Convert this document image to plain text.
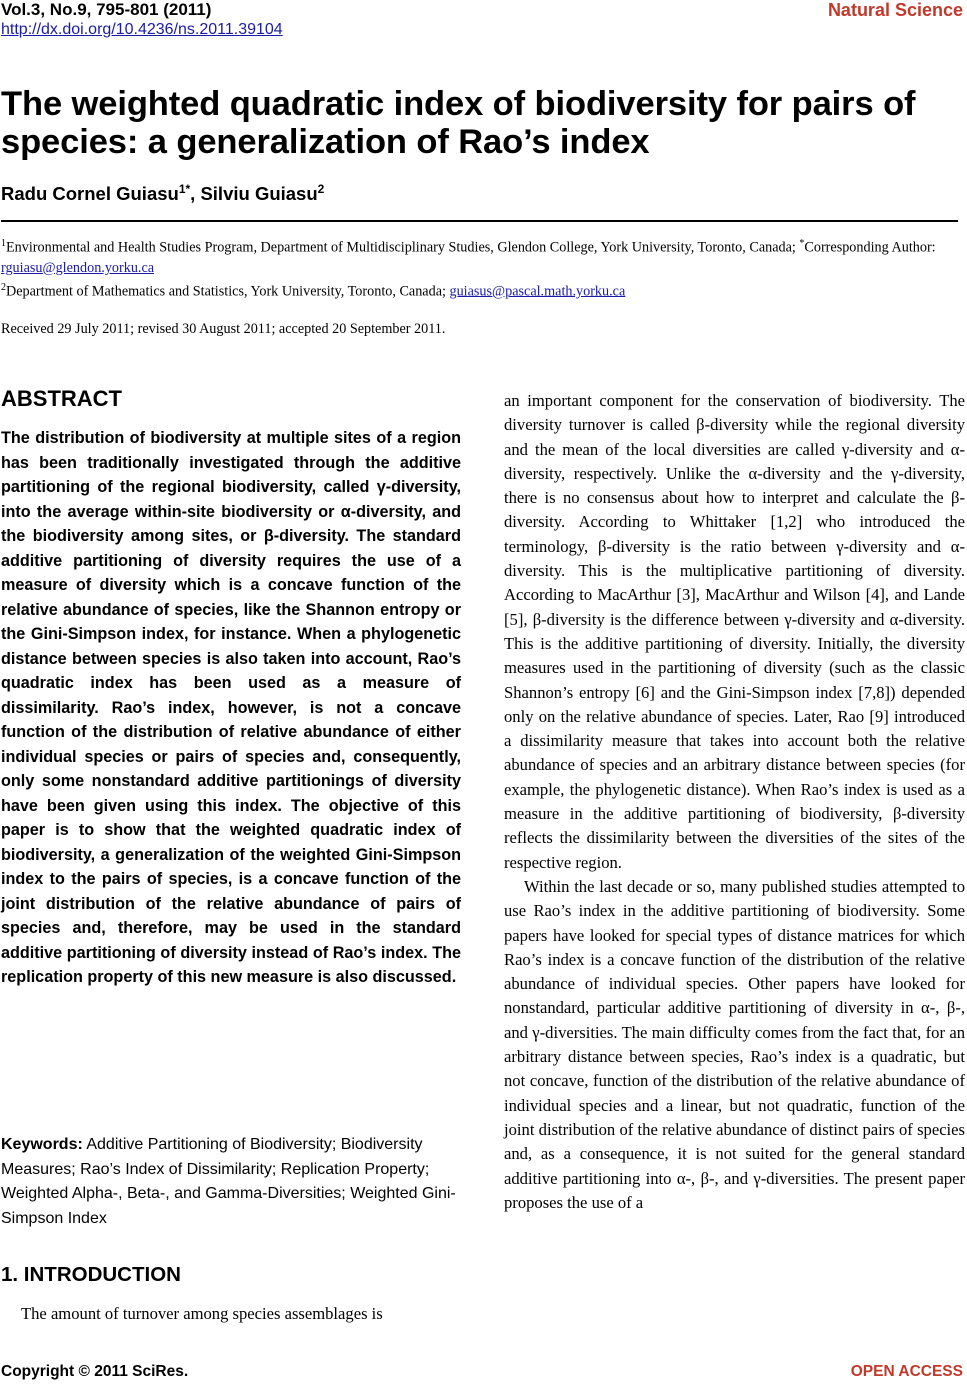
Vol.3, No.9, 795-801 (2011)
http://dx.doi.org/10.4236/ns.2011.39104
Natural Science
The weighted quadratic index of biodiversity for pairs of species: a generalization of Rao’s index
Radu Cornel Guiasu$^{1*}$, Silviu Guiasu$^2$
$^1$Environmental and Health Studies Program, Department of Multidisciplinary Studies, Glendon College, York University, Toronto, Canada; *Corresponding Author: rguiasu@glendon.yorku.ca
$^2$Department of Mathematics and Statistics, York University, Toronto, Canada; guiasus@pascal.math.yorku.ca
Received 29 July 2011; revised 30 August 2011; accepted 20 September 2011.
ABSTRACT
The distribution of biodiversity at multiple sites of a region has been traditionally investigated through the additive partitioning of the regional biodiversity, called γ-diversity, into the average within-site biodiversity or α-diversity, and the biodiversity among sites, or β-diversity. The standard additive partitioning of diversity requires the use of a measure of diversity which is a concave function of the relative abundance of species, like the Shannon entropy or the Gini-Simpson index, for instance. When a phylogenetic distance between species is also taken into account, Rao’s quadratic index has been used as a measure of dissimilarity. Rao’s index, however, is not a concave function of the distribution of relative abundance of either individual species or pairs of species and, consequently, only some nonstandard additive partitionings of diversity have been given using this index. The objective of this paper is to show that the weighted quadratic index of biodiversity, a generalization of the weighted Gini-Simpson index to the pairs of species, is a concave function of the joint distribution of the relative abundance of pairs of species and, therefore, may be used in the standard additive partitioning of diversity instead of Rao’s index. The replication property of this new measure is also discussed.
Keywords: Additive Partitioning of Biodiversity; Biodiversity Measures; Rao’s Index of Dissimilarity; Replication Property; Weighted Alpha-, Beta-, and Gamma-Diversities; Weighted Gini-Simpson Index
1. INTRODUCTION
The amount of turnover among species assemblages is

an important component for the conservation of biodiversity. The diversity turnover is called β-diversity while the regional diversity and the mean of the local diversities are called γ-diversity and α-diversity, respectively. Unlike the α-diversity and the γ-diversity, there is no consensus about how to interpret and calculate the β-diversity. According to Whittaker [1,2] who introduced the terminology, β-diversity is the ratio between γ-diversity and α-diversity. This is the multiplicative partitioning of diversity. According to MacArthur [3], MacArthur and Wilson [4], and Lande [5], β-diversity is the difference between γ-diversity and α-diversity. This is the additive partitioning of diversity. Initially, the diversity measures used in the partitioning of diversity (such as the classic Shannon’s entropy [6] and the Gini-Simpson index [7,8]) depended only on the relative abundance of species. Later, Rao [9] introduced a dissimilarity measure that takes into account both the relative abundance of species and an arbitrary distance between species (for example, the phylogenetic distance). When Rao’s index is used as a measure in the additive partitioning of biodiversity, β-diversity reflects the dissimilarity between the diversities of the sites of the respective region.

Within the last decade or so, many published studies attempted to use Rao’s index in the additive partitioning of biodiversity. Some papers have looked for special types of distance matrices for which Rao’s index is a concave function of the distribution of the relative abundance of individual species. Other papers have looked for nonstandard, particular additive partitioning of diversity in α-, β-, and γ-diversities. The main difficulty comes from the fact that, for an arbitrary distance between species, Rao’s index is a quadratic, but not concave, function of the distribution of the relative abundance of individual species and a linear, but not quadratic, function of the joint distribution of the relative abundance of distinct pairs of species and, as a consequence, it is not suited for the general standard additive partitioning into α-, β-, and γ-diversities. The present paper proposes the use of a

Copyright © 2011 SciRes.	OPEN ACCESS
